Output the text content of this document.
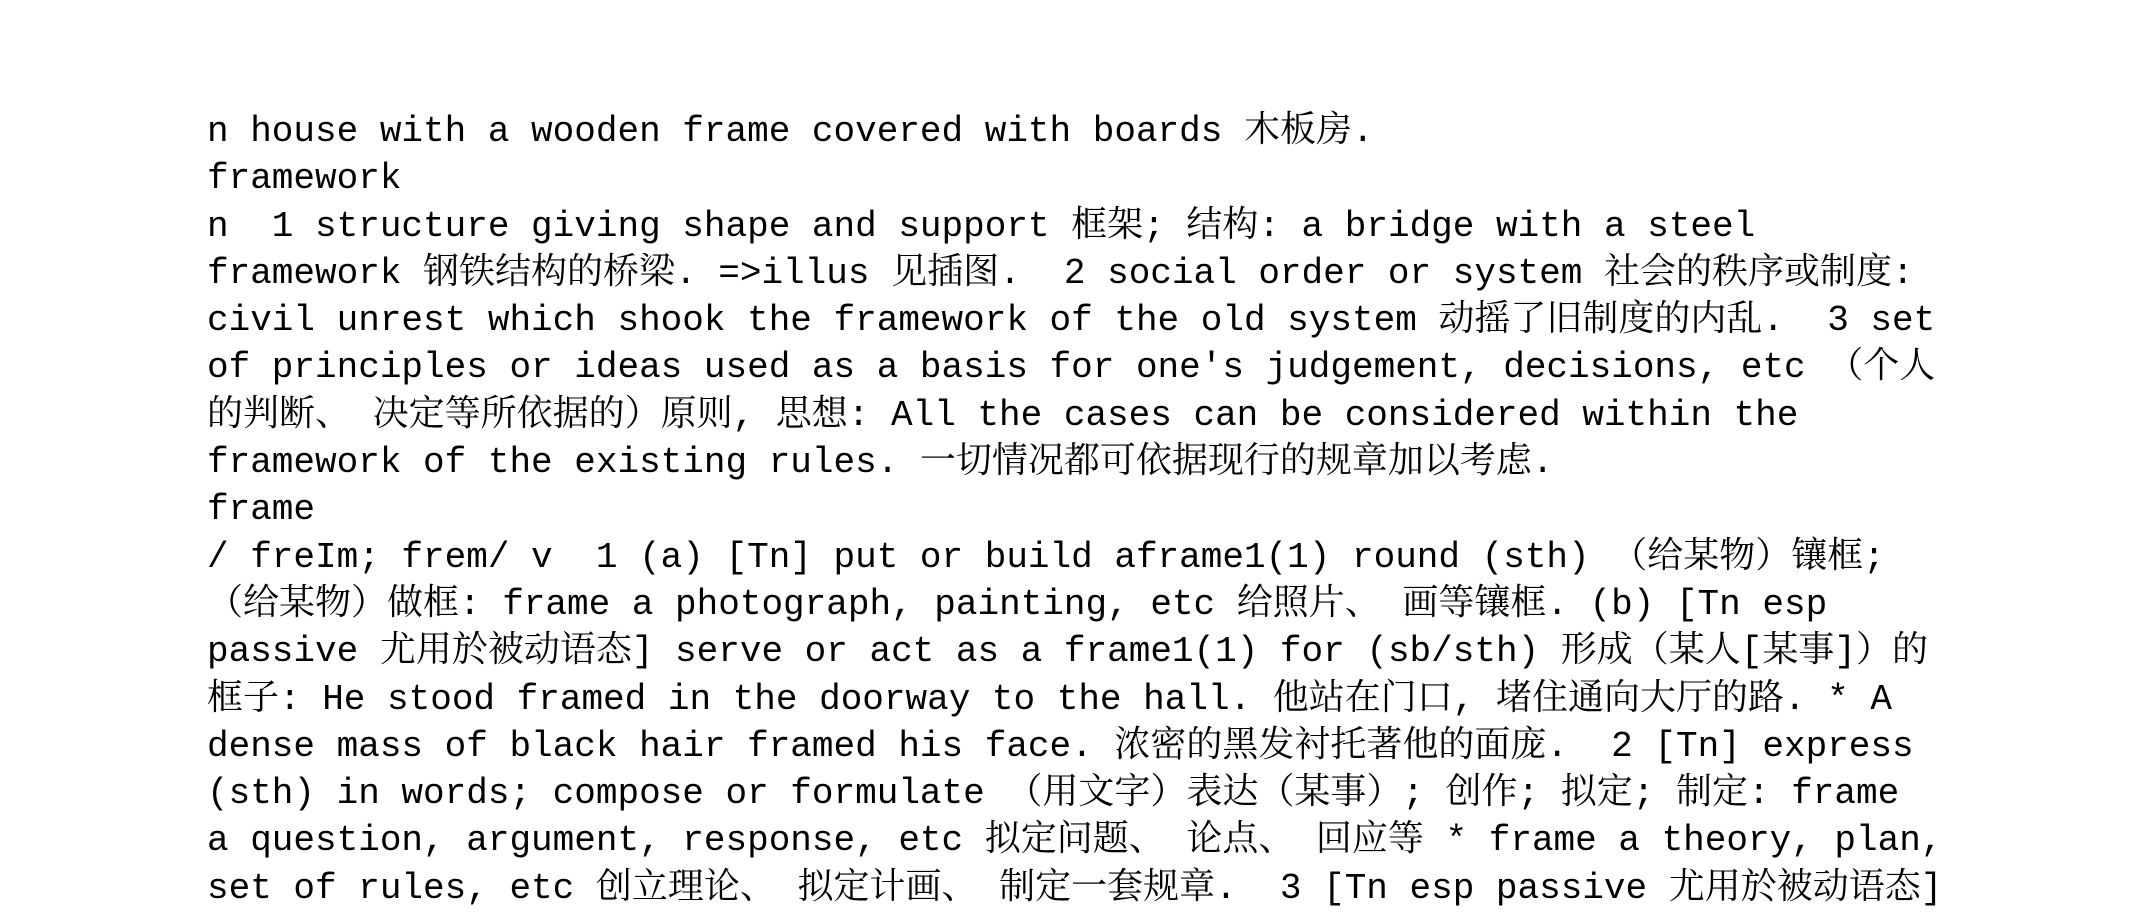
n house with a wooden frame covered with boards 木板房.
framework
n  1 structure giving shape and support 框架; 结构: a bridge with a steel
framework 钢铁结构的桥梁. =>illus 见插图.  2 social order or system 社会的秩序或制度:
civil unrest which shook the framework of the old system 动摇了旧制度的内乱.  3 set
of principles or ideas used as a basis for one's judgement, decisions, etc （个人
的判断、 决定等所依据的）原则, 思想: All the cases can be considered within the
framework of the existing rules. 一切情况都可依据现行的规章加以考虑.
frame
/ freIm; frem/ v  1 (a) [Tn] put or build aframe1(1) round (sth) （给某物）镶框;
（给某物）做框: frame a photograph, painting, etc 给照片、 画等镶框. (b) [Tn esp
passive 尤用於被动语态] serve or act as a frame1(1) for (sb/sth) 形成（某人[某事]）的
框子: He stood framed in the doorway to the hall. 他站在门口, 堵住通向大厅的路. * A
dense mass of black hair framed his face. 浓密的黑发衬托著他的面庞.  2 [Tn] express
(sth) in words; compose or formulate （用文字）表达（某事）; 创作; 拟定; 制定: frame
a question, argument, response, etc 拟定问题、 论点、 回应等 * frame a theory, plan,
set of rules, etc 创立理论、 拟定计画、 制定一套规章.  3 [Tn esp passive 尤用於被动语态]
